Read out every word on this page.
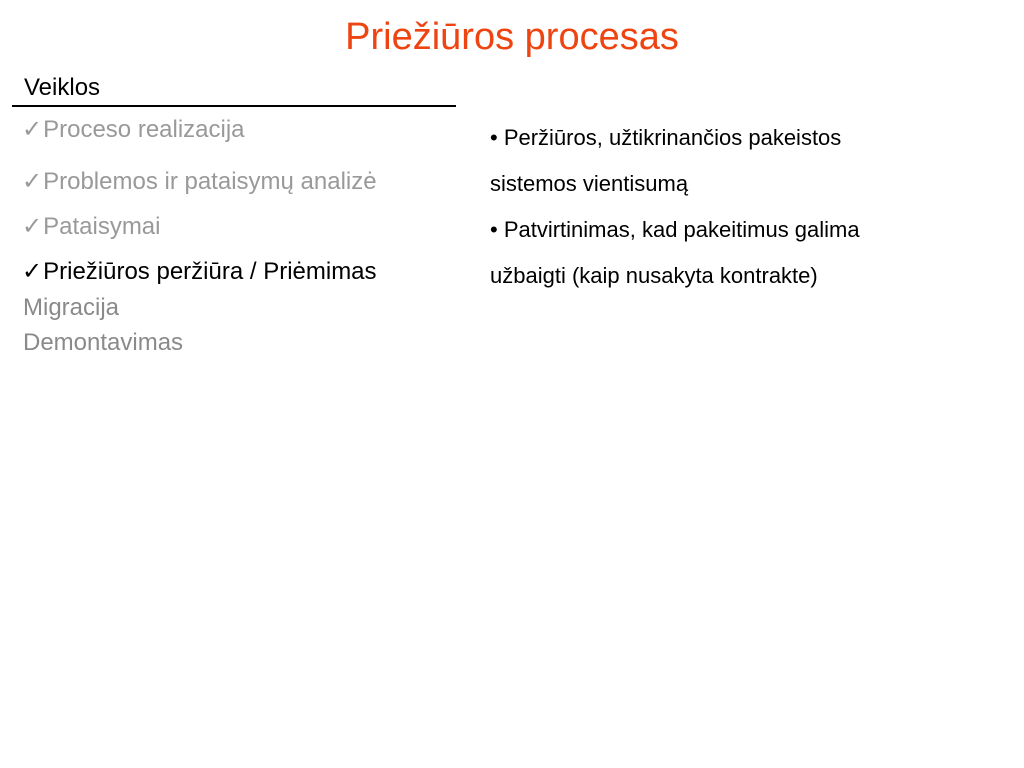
Priežiūros procesas
Veiklos
✓Proceso realizacija
✓Problemos ir pataisymų analizė
✓Pataisymai
✓Priežiūros peržiūra / Priėmimas
Migracija
Demontavimas
• Peržiūros, užtikrinančios pakeistos
sistemos vientisumą
• Patvirtinimas, kad pakeitimus galima
užbaigti (kaip nusakyta kontrakte)
